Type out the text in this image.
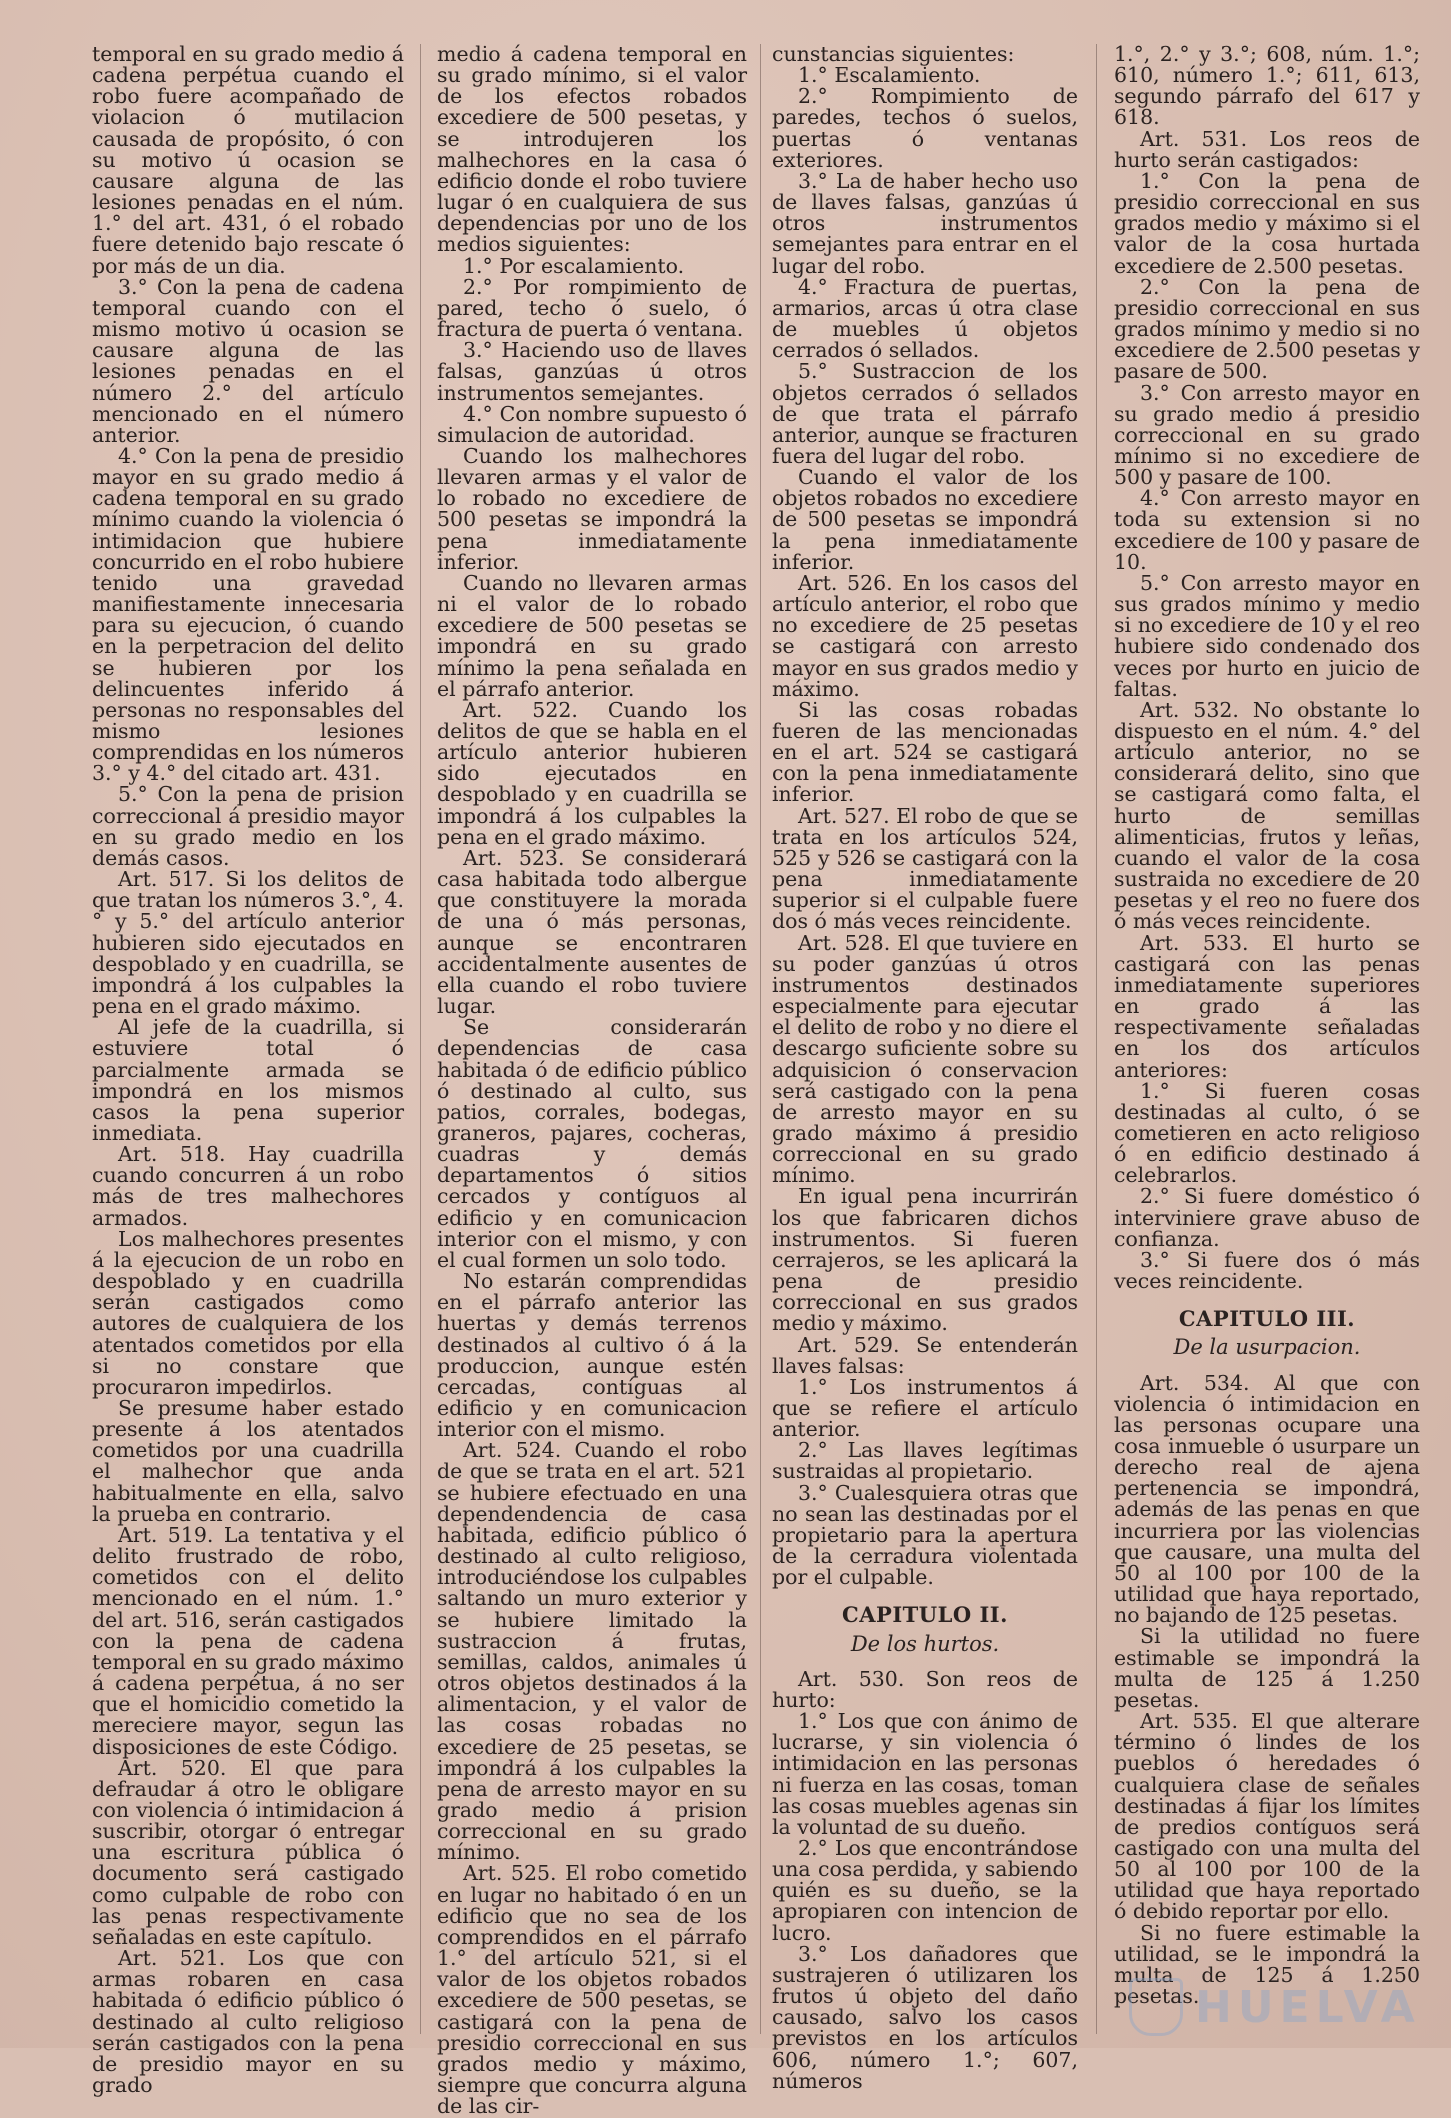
temporal en su grado medio á cadena perpétua cuando el robo fuere acompañado de violacion ó mutilacion causada de propósito, ó con su motivo ú ocasion se causare alguna de las lesiones penadas en el núm. 1.° del art. 431, ó el robado fuere detenido bajo rescate ó por más de un dia.

3.° Con la pena de cadena temporal cuando con el mismo motivo ú ocasion se causare alguna de las lesiones penadas en el número 2.° del artículo mencionado en el número anterior.

4.° Con la pena de presidio mayor en su grado medio á cadena temporal en su grado mínimo cuando la violencia ó intimidacion que hubiere concurrido en el robo hubiere tenido una gravedad manifiestamente innecesaria para su ejecucion, ó cuando en la perpetracion del delito se hubieren por los delincuentes inferido á personas no responsables del mismo lesiones comprendidas en los números 3.° y 4.° del citado art. 431.

5.° Con la pena de prision correccional á presidio mayor en su grado medio en los demás casos.

Art. 517. Si los delitos de que tratan los números 3.°, 4.° y 5.° del artículo anterior hubieren sido ejecutados en despoblado y en cuadrilla, se impondrá á los culpables la pena en el grado máximo.

Al jefe de la cuadrilla, si estuviere total ó parcialmente armada se impondrá en los mismos casos la pena superior inmediata.

Art. 518. Hay cuadrilla cuando concurren á un robo más de tres malhechores armados.

Los malhechores presentes á la ejecucion de un robo en despoblado y en cuadrilla serán castigados como autores de cualquiera de los atentados cometidos por ella si no constare que procuraron impedirlos.

Se presume haber estado presente á los atentados cometidos por una cuadrilla el malhechor que anda habitualmente en ella, salvo la prueba en contrario.

Art. 519. La tentativa y el delito frustrado de robo, cometidos con el delito mencionado en el núm. 1.° del art. 516, serán castigados con la pena de cadena temporal en su grado máximo á cadena perpétua, á no ser que el homicidio cometido la mereciere mayor, segun las disposiciones de este Código.

Art. 520. El que para defraudar á otro le obligare con violencia ó intimidacion á suscribir, otorgar ó entregar una escritura pública ó documento será castigado como culpable de robo con las penas respectivamente señaladas en este capítulo.

Art. 521. Los que con armas robaren en casa habitada ó edificio público ó destinado al culto religioso serán castigados con la pena de presidio mayor en su grado

medio á cadena temporal en su grado mínimo, si el valor de los efectos robados excediere de 500 pesetas, y se introdujeren los malhechores en la casa ó edificio donde el robo tuviere lugar ó en cualquiera de sus dependencias por uno de los medios siguientes:

1.° Por escalamiento.

2.° Por rompimiento de pared, techo ó suelo, ó fractura de puerta ó ventana.

3.° Haciendo uso de llaves falsas, ganzúas ú otros instrumentos semejantes.

4.° Con nombre supuesto ó simulacion de autoridad.

Cuando los malhechores llevaren armas y el valor de lo robado no excediere de 500 pesetas se impondrá la pena inmediatamente inferior.

Cuando no llevaren armas ni el valor de lo robado excediere de 500 pesetas se impondrá en su grado mínimo la pena señalada en el párrafo anterior.

Art. 522. Cuando los delitos de que se habla en el artículo anterior hubieren sido ejecutados en despoblado y en cuadrilla se impondrá á los culpables la pena en el grado máximo.

Art. 523. Se considerará casa habitada todo albergue que constituyere la morada de una ó más personas, aunque se encontraren accidentalmente ausentes de ella cuando el robo tuviere lugar.

Se considerarán dependencias de casa habitada ó de edificio público ó destinado al culto, sus patios, corrales, bodegas, graneros, pajares, cocheras, cuadras y demás departamentos ó sitios cercados y contíguos al edificio y en comunicacion interior con el mismo, y con el cual formen un solo todo.

No estarán comprendidas en el párrafo anterior las huertas y demás terrenos destinados al cultivo ó á la produccion, aunque estén cercadas, contíguas al edificio y en comunicacion interior con el mismo.

Art. 524. Cuando el robo de que se trata en el art. 521 se hubiere efectuado en una dependendencia de casa habitada, edificio público ó destinado al culto religioso, introduciéndose los culpables saltando un muro exterior y se hubiere limitado la sustraccion á frutas, semillas, caldos, animales ú otros objetos destinados á la alimentacion, y el valor de las cosas robadas no excediere de 25 pesetas, se impondrá á los culpables la pena de arresto mayor en su grado medio á prision correccional en su grado mínimo.

Art. 525. El robo cometido en lugar no habitado ó en un edificio que no sea de los comprendidos en el párrafo 1.° del artículo 521, si el valor de los objetos robados excediere de 500 pesetas, se castigará con la pena de presidio correccional en sus grados medio y máximo, siempre que concurra alguna de las cir-

cunstancias siguientes:

1.° Escalamiento.

2.° Rompimiento de paredes, techos ó suelos, puertas ó ventanas exteriores.

3.° La de haber hecho uso de llaves falsas, ganzúas ú otros instrumentos semejantes para entrar en el lugar del robo.

4.° Fractura de puertas, armarios, arcas ú otra clase de muebles ú objetos cerrados ó sellados.

5.° Sustraccion de los objetos cerrados ó sellados de que trata el párrafo anterior, aunque se fracturen fuera del lugar del robo.

Cuando el valor de los objetos robados no excediere de 500 pesetas se impondrá la pena inmediatamente inferior.

Art. 526. En los casos del artículo anterior, el robo que no excediere de 25 pesetas se castigará con arresto mayor en sus grados medio y máximo.

Si las cosas robadas fueren de las mencionadas en el art. 524 se castigará con la pena inmediatamente inferior.

Art. 527. El robo de que se trata en los artículos 524, 525 y 526 se castigará con la pena inmediatamente superior si el culpable fuere dos ó más veces reincidente.

Art. 528. El que tuviere en su poder ganzúas ú otros instrumentos destinados especialmente para ejecutar el delito de robo y no diere el descargo suficiente sobre su adquisicion ó conservacion será castigado con la pena de arresto mayor en su grado máximo á presidio correccional en su grado mínimo.

En igual pena incurrirán los que fabricaren dichos instrumentos. Si fueren cerrajeros, se les aplicará la pena de presidio correccional en sus grados medio y máximo.

Art. 529. Se entenderán llaves falsas:

1.° Los instrumentos á que se refiere el artículo anterior.

2.° Las llaves legítimas sustraidas al propietario.

3.° Cualesquiera otras que no sean las destinadas por el propietario para la apertura de la cerradura violentada por el culpable.

CAPITULO II.
De los hurtos.

Art. 530. Son reos de hurto:

1.° Los que con ánimo de lucrarse, y sin violencia ó intimidacion en las personas ni fuerza en las cosas, toman las cosas muebles agenas sin la voluntad de su dueño.

2.° Los que encontrándose una cosa perdida, y sabiendo quién es su dueño, se la apropiaren con intencion de lucro.

3.° Los dañadores que sustrajeren ó utilizaren los frutos ú objeto del daño causado, salvo los casos previstos en los artículos 606, número 1.°; 607, números

1.°, 2.° y 3.°; 608, núm. 1.°; 610, número 1.°; 611, 613, segundo párrafo del 617 y 618.

Art. 531. Los reos de hurto serán castigados:

1.° Con la pena de presidio correccional en sus grados medio y máximo si el valor de la cosa hurtada excediere de 2.500 pesetas.

2.° Con la pena de presidio correccional en sus grados mínimo y medio si no excediere de 2.500 pesetas y pasare de 500.

3.° Con arresto mayor en su grado medio á presidio correccional en su grado mínimo si no excediere de 500 y pasare de 100.

4.° Con arresto mayor en toda su extension si no excediere de 100 y pasare de 10.

5.° Con arresto mayor en sus grados mínimo y medio si no excediere de 10 y el reo hubiere sido condenado dos veces por hurto en juicio de faltas.

Art. 532. No obstante lo dispuesto en el núm. 4.° del artículo anterior, no se considerará delito, sino que se castigará como falta, el hurto de semillas alimenticias, frutos y leñas, cuando el valor de la cosa sustraida no excediere de 20 pesetas y el reo no fuere dos ó más veces reincidente.

Art. 533. El hurto se castigará con las penas inmediatamente superiores en grado á las respectivamente señaladas en los dos artículos anteriores:

1.° Si fueren cosas destinadas al culto, ó se cometieren en acto religioso ó en edificio destinado á celebrarlos.

2.° Si fuere doméstico ó interviniere grave abuso de confianza.

3.° Si fuere dos ó más veces reincidente.

CAPITULO III.
De la usurpacion.

Art. 534. Al que con violencia ó intimidacion en las personas ocupare una cosa inmueble ó usurpare un derecho real de ajena pertenencia se impondrá, además de las penas en que incurriera por las violencias que causare, una multa del 50 al 100 por 100 de la utilidad que haya reportado, no bajando de 125 pesetas.

Si la utilidad no fuere estimable se impondrá la multa de 125 á 1.250 pesetas.

Art. 535. El que alterare término ó lindes de los pueblos ó heredades ó cualquiera clase de señales destinadas á fijar los límites de predios contíguos será castigado con una multa del 50 al 100 por 100 de la utilidad que haya reportado ó debido reportar por ello.

Si no fuere estimable la utilidad, se le impondrá la multa de 125 á 1.250 pesetas.

HUELVA
